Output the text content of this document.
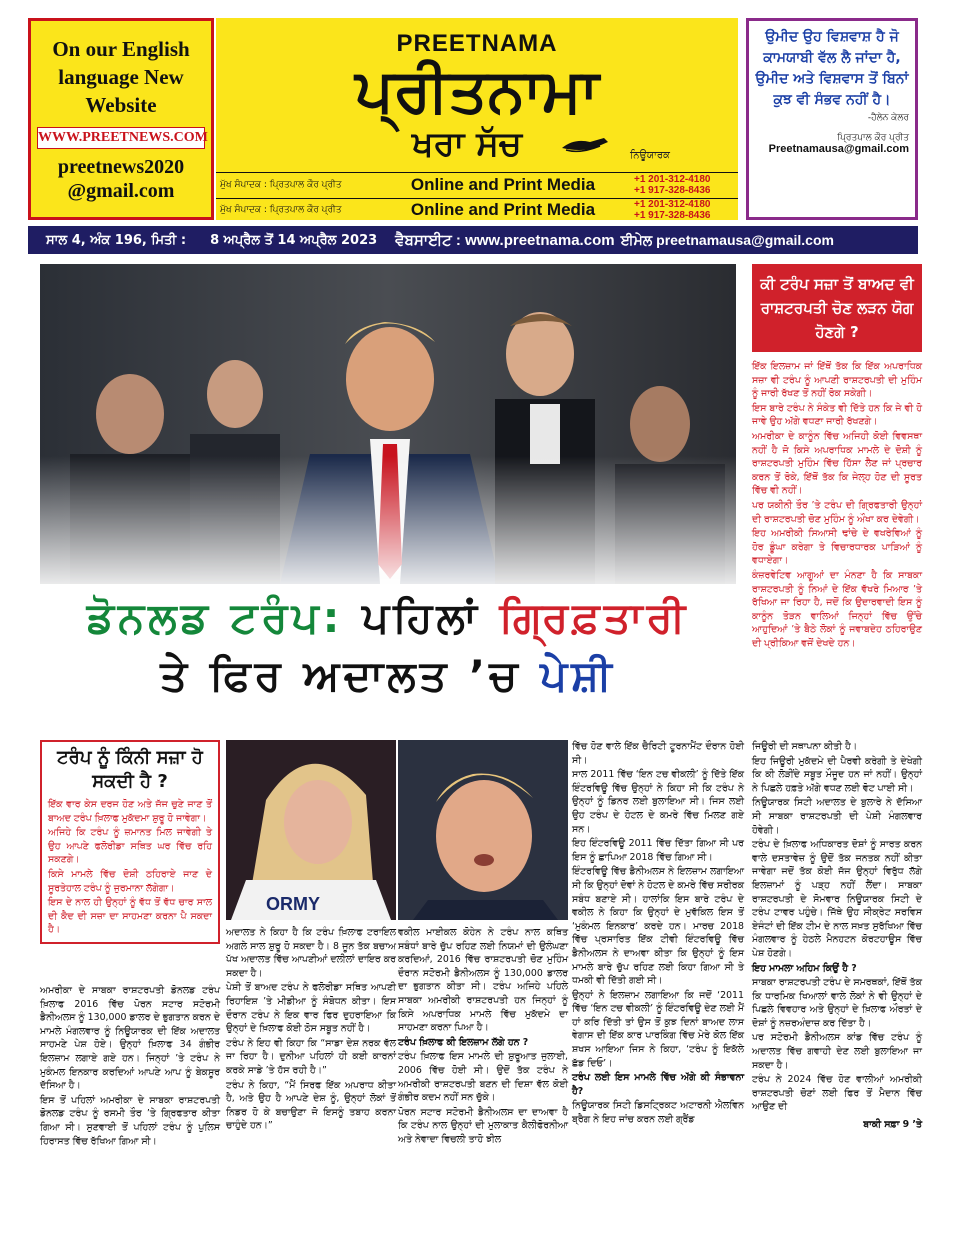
On our English
language New
Website
WWW.PREETNEWS.COM
preetnews2020
@gmail.com
PREETNAMA
ਪ੍ਰੀਤਨਾਮਾ
ਖਰਾ ਸੱਚ	ਨਿਊਯਾਰਕ
ਮੁੱਖ ਸੰਪਾਦਕ : ਪ੍ਰਿਤਪਾਲ ਕੌਰ ਪ੍ਰੀਤ	Online and Print Media	+1 201-312-4180
+1 917-328-8436
ਮੁੱਖ ਸੰਪਾਦਕ : ਪ੍ਰਿਤਪਾਲ ਕੌਰ ਪ੍ਰੀਤ	Online and Print Media	+1 201-312-4180
+1 917-328-8436
ਉਮੀਦ ਉਹ ਵਿਸ਼ਵਾਸ਼ ਹੈ ਜੋ ਕਾਮਯਾਬੀ ਵੱਲ ਲੈ ਜਾਂਦਾ ਹੈ, ਉਮੀਦ ਅਤੇ ਵਿਸ਼ਵਾਸ ਤੋਂ ਬਿਨਾਂ ਕੁਝ ਵੀ ਸੰਭਵ ਨਹੀਂ ਹੈ।
-ਹੈਲੇਨ ਕੇਲਰ
ਪ੍ਰਿਤਪਾਲ ਕੌਰ ਪ੍ਰੀਤ
Preetnamausa@gmail.com
ਸਾਲ 4, ਅੰਕ 196, ਮਿਤੀ : 8 ਅਪ੍ਰੈਲ ਤੋਂ 14 ਅਪ੍ਰੈਲ 2023 ਵੈਬਸਾਈਟ : www.preetnama.com ਈਮੇਲ preetnamausa@gmail.com
ਡੋਨਲਡ ਟਰੰਪ: ਪਹਿਲਾਂ ਗ੍ਰਿਫ਼ਤਾਰੀ
ਤੇ ਫਿਰ ਅਦਾਲਤ ’ਚ ਪੇਸ਼ੀ
ਕੀ ਟਰੰਪ ਸਜ਼ਾ ਤੋਂ ਬਾਅਦ ਵੀ ਰਾਸ਼ਟਰਪਤੀ ਚੋਣ ਲੜਨ ਯੋਗ ਹੋਣਗੇ ?

ਇੱਕ ਇਲਜ਼ਾਮ ਜਾਂ ਇੱਥੋਂ ਤੱਕ ਕਿ ਇੱਕ ਅਪਰਾਧਿਕ ਸਜ਼ਾ ਵੀ ਟਰੰਪ ਨੂੰ ਆਪਣੀ ਰਾਸ਼ਟਰਪਤੀ ਦੀ ਮੁਹਿੰਮ ਨੂੰ ਜਾਰੀ ਰੱਖਣ ਤੋਂ ਨਹੀਂ ਰੋਕ ਸਕੇਗੀ।

ਇਸ ਬਾਰੇ ਟਰੰਪ ਨੇ ਸੰਕੇਤ ਵੀ ਦਿੱਤੇ ਹਨ ਕਿ ਜੇ ਵੀ ਹੋ ਜਾਵੇ ਉਹ ਅੱਗੇ ਵਧਣਾ ਜਾਰੀ ਰੱਖਣਗੇ।

ਅਮਰੀਕਾ ਦੇ ਕਾਨੂੰਨ ਵਿੱਚ ਅਜਿਹੀ ਕੋਈ ਵਿਵਸਥਾ ਨਹੀਂ ਹੈ ਜੋ ਕਿਸੇ ਅਪਰਾਧਿਕ ਮਾਮਲੇ ਦੇ ਦੋਸ਼ੀ ਨੂੰ ਰਾਸ਼ਟਰਪਤੀ ਮੁਹਿੰਮ ਵਿੱਚ ਹਿੱਸਾ ਲੈਣ ਜਾਂ ਪ੍ਰਚਾਰ ਕਰਨ ਤੋਂ ਰੋਕੇ, ਇੱਥੋਂ ਤੱਕ ਕਿ ਜੇਲ੍ਹ ਹੋਣ ਦੀ ਸੂਰਤ ਵਿੱਚ ਵੀ ਨਹੀਂ।

ਪਰ ਯਕੀਨੀ ਤੌਰ ’ਤੇ ਟਰੰਪ ਦੀ ਗ੍ਰਿਫਤਾਰੀ ਉਨ੍ਹਾਂ ਦੀ ਰਾਸ਼ਟਰਪਤੀ ਚੋਣ ਮੁਹਿੰਮ ਨੂੰ ਔਖਾ ਕਰ ਦੇਵੇਗੀ।

ਇਹ ਅਮਰੀਕੀ ਸਿਆਸੀ ਢਾਂਚੇ ਦੇ ਵਖਰੇਵਿਆਂ ਨੂੰ ਹੋਰ ਡੂੰਘਾ ਕਰੇਗਾ ਤੇ ਵਿਚਾਰਧਾਰਕ ਪਾੜਿਆਂ ਨੂੰ ਵਧਾਏਗਾ।

ਕੰਜ਼ਰਵੇਟਿਵ ਆਗੂਆਂ ਦਾ ਮੰਨਣਾ ਹੈ ਕਿ ਸਾਬਕਾ ਰਾਸ਼ਟਰਪਤੀ ਨੂੰ ਨਿਆਂ ਦੇ ਇੱਕ ਵੱਖਰੇ ਮਿਆਰ ’ਤੇ ਰੱਖਿਆ ਜਾ ਰਿਹਾ ਹੈ, ਜਦੋਂ ਕਿ ਉਦਾਰਵਾਦੀ ਇਸ ਨੂੰ ਕਾਨੂੰਨ ਤੋੜਨ ਵਾਲਿਆਂ ਜਿਨ੍ਹਾਂ ਵਿੱਚ ਉੱਚੇ ਆਹੁਦਿਆਂ ’ਤੇ ਬੈਠੇ ਲੋਕਾਂ ਨੂੰ ਜਵਾਬਦੇਹ ਠਹਿਰਾਉਣ ਦੀ ਪ੍ਰੀਕਿਆ ਵਜੋਂ ਦੇਖਦੇ ਹਨ।

ਟਰੰਪ ਨੂੰ ਕਿੰਨੀ ਸਜ਼ਾ ਹੋ ਸਕਦੀ ਹੈ ?

ਇੱਕ ਵਾਰ ਕੇਸ ਦਰਜ ਹੋਣ ਅਤੇ ਜੱਜ ਚੁਣੇ ਜਾਣ ਤੋਂ ਬਾਅਦ ਟਰੰਪ ਖ਼ਿਲਾਫ ਮੁਕੱਦਮਾ ਸ਼ੁਰੂ ਹੋ ਜਾਵੇਗਾ।

ਅਜਿਹੇ ਕਿ ਟਰੰਪ ਨੂੰ ਜ਼ਮਾਨਤ ਮਿਲ ਜਾਵੇਗੀ ਤੇ ਉਹ ਆਪਣੇ ਫਲੋਰੀਡਾ ਸਥਿਤ ਘਰ ਵਿੱਚ ਰਹਿ ਸਕਣਗੇ।

ਕਿਸੇ ਮਾਮਲੇ ਵਿੱਚ ਦੋਸ਼ੀ ਠਹਿਰਾਏ ਜਾਣ ਦੇ ਸੂਰਤੇਹਾਲ ਟਰੰਪ ਨੂੰ ਜੁਰਮਾਨਾ ਲੱਗੇਗਾ।

ਇਸ ਦੇ ਨਾਲ ਹੀ ਉਨ੍ਹਾਂ ਨੂੰ ਵੱਧ ਤੋਂ ਵੱਧ ਚਾਰ ਸਾਲ ਦੀ ਕੈਦ ਦੀ ਸਜ਼ਾ ਦਾ ਸਾਹਮਣਾ ਕਰਨਾ ਪੈ ਸਕਦਾ ਹੈ।

ਅਮਰੀਕਾ ਦੇ ਸਾਬਕਾ ਰਾਸ਼ਟਰਪਤੀ ਡੋਨਲਡ ਟਰੰਪ ਖ਼ਿਲਾਫ 2016 ਵਿੱਚ ਪੋਰਨ ਸਟਾਰ ਸਟੋਰਮੀ ਡੈਨੀਅਲਸ ਨੂੰ 130,000 ਡਾਲਰ ਦੇ ਭੁਗਤਾਨ ਕਰਨ ਦੇ ਮਾਮਲੇ ਮੰਗਲਵਾਰ ਨੂੰ ਨਿਊਯਾਰਕ ਦੀ ਇੱਕ ਅਦਾਲਤ ਸਾਹਮਣੇ ਪੇਸ਼ ਹੋਏ। ਉਨ੍ਹਾਂ ਖ਼ਿਲਾਫ 34 ਗੰਭੀਰ ਇਲਜ਼ਾਮ ਲਗਾਏ ਗਏ ਹਨ। ਜਿਨ੍ਹਾਂ ’ਤੇ ਟਰੰਪ ਨੇ ਮੁਕੰਮਲ ਇਨਕਾਰ ਕਰਦਿਆਂ ਆਪਣੇ ਆਪ ਨੂੰ ਬੇਕਸੂਰ ਦੱਸਿਆ ਹੈ।

ਇਸ ਤੋਂ ਪਹਿਲਾਂ ਅਮਰੀਕਾ ਦੇ ਸਾਬਕਾ ਰਾਸ਼ਟਰਪਤੀ ਡੋਨਲਡ ਟਰੰਪ ਨੂੰ ਰਸਮੀ ਤੌਰ ’ਤੇ ਗ੍ਰਿਫਤਾਰ ਕੀਤਾ ਗਿਆ ਸੀ। ਸੁਣਵਾਈ ਤੋਂ ਪਹਿਲਾਂ ਟਰੰਪ ਨੂੰ ਪੁਲਿਸ ਹਿਰਾਸਤ ਵਿੱਚ ਰੱਖਿਆ ਗਿਆ ਸੀ।

ORMY

ਅਦਾਲਤ ਨੇ ਕਿਹਾ ਹੈ ਕਿ ਟਰੰਪ ਖ਼ਿਲਾਫ ਟਰਾਇਲ ਅਗਲੇ ਸਾਲ ਸ਼ੁਰੂ ਹੋ ਸਕਦਾ ਹੈ। 8 ਜੂਨ ਤੱਕ ਬਚਾਅ ਪੱਖ ਅਦਾਲਤ ਵਿੱਚ ਆਪਣੀਆਂ ਦਲੀਲਾਂ ਦਾਇਰ ਕਰ ਸਕਦਾ ਹੈ।

ਪੇਸ਼ੀ ਤੋਂ ਬਾਅਦ ਟਰੰਪ ਨੇ ਫਲੋਰੀਡਾ ਸਥਿਤ ਆਪਣੀ ਰਿਹਾਇਸ਼ ’ਤੇ ਮੀਡੀਆ ਨੂੰ ਸੰਬੋਧਨ ਕੀਤਾ। ਇਸ ਦੌਰਾਨ ਟਰੰਪ ਨੇ ਇਕ ਵਾਰ ਫਿਰ ਦੁਹਰਾਇਆ ਕਿ ਉਨ੍ਹਾਂ ਦੇ ਖ਼ਿਲਾਫ ਕੋਈ ਠੋਸ ਸਬੂਤ ਨਹੀਂ ਹੈ।

ਟਰੰਪ ਨੇ ਇਹ ਵੀ ਕਿਹਾ ਕਿ “ਸਾਡਾ ਦੇਸ਼ ਨਰਕ ਵੱਲ ਜਾ ਰਿਹਾ ਹੈ। ਦੁਨੀਆ ਪਹਿਲਾਂ ਹੀ ਕਈ ਕਾਰਨਾਂ ਕਰਕੇ ਸਾਡੇ ’ਤੇ ਹੱਸ ਰਹੀ ਹੈ।”

ਟਰੰਪ ਨੇ ਕਿਹਾ, “ਮੈਂ ਸਿਰਫ ਇੱਕ ਅਪਰਾਧ ਕੀਤਾ ਹੈ, ਅਤੇ ਉਹ ਹੈ ਆਪਣੇ ਦੇਸ਼ ਨੂੰ, ਉਨ੍ਹਾਂ ਲੋਕਾਂ ਤੋਂ ਨਿਡਰ ਹੋ ਕੇ ਬਚਾਉਣਾ ਜੋ ਇਸਨੂੰ ਤਬਾਹ ਕਰਨਾ ਚਾਹੁੰਦੇ ਹਨ।”

ਵਕੀਲ ਮਾਈਕਲ ਕੋਹੇਨ ਨੇ ਟਰੰਪ ਨਾਲ ਕਥਿਤ ਸਬੰਧਾਂ ਬਾਰੇ ਚੁੱਪ ਰਹਿਣ ਲਈ ਨਿਯਮਾਂ ਦੀ ਉਲੰਘਣਾ ਕਰਦਿਆਂ, 2016 ਵਿੱਚ ਰਾਸ਼ਟਰਪਤੀ ਚੋਣ ਮੁਹਿੰਮ ਦੌਰਾਨ ਸਟੋਰਮੀ ਡੈਨੀਅਲਸ ਨੂੰ 130,000 ਡਾਲਰ ਦਾ ਭੁਗਤਾਨ ਕੀਤਾ ਸੀ। ਟਰੰਪ ਅਜਿਹੇ ਪਹਿਲੇ ਸਾਬਕਾ ਅਮਰੀਕੀ ਰਾਸ਼ਟਰਪਤੀ ਹਨ ਜਿਨ੍ਹਾਂ ਨੂੰ ਕਿਸੇ ਅਪਰਾਧਿਕ ਮਾਮਲੇ ਵਿੱਚ ਮੁਕੱਦਮੇ ਦਾ ਸਾਹਮਣਾ ਕਰਨਾ ਪਿਆ ਹੈ।

ਟਰੰਪ ਖ਼ਿਲਾਫ ਕੀ ਇਲਜ਼ਾਮ ਲੱਗੇ ਹਨ ?

ਟਰੰਪ ਖ਼ਿਲਾਫ ਇਸ ਮਾਮਲੇ ਦੀ ਸ਼ੁਰੂਆਤ ਜੁਲਾਈ, 2006 ਵਿੱਚ ਹੋਈ ਸੀ। ਉਦੋਂ ਤੱਕ ਟਰੰਪ ਨੇ ਅਮਰੀਕੀ ਰਾਸ਼ਟਰਪਤੀ ਬਣਨ ਦੀ ਦਿਸ਼ਾ ਵੱਲ ਕੋਈ ਗੰਭੀਰ ਕਦਮ ਨਹੀਂ ਸਨ ਚੁੱਕੇ।

ਪੋਰਨ ਸਟਾਰ ਸਟੋਰਮੀ ਡੈਨੀਅਲਸ ਦਾ ਦਾਅਵਾ ਹੈ ਕਿ ਟਰੰਪ ਨਾਲ ਉਨ੍ਹਾਂ ਦੀ ਮੁਲਾਕਾਤ ਕੈਲੀਫੋਰਨੀਆ ਅਤੇ ਨੇਵਾਦਾ ਵਿਚਲੀ ਤਾਹੋ ਝੀਲ

ਵਿੱਚ ਹੋਣ ਵਾਲੇ ਇੱਕ ਚੈਰਿਟੀ ਟੂਰਨਾਮੈਂਟ ਦੌਰਾਨ ਹੋਈ ਸੀ।

ਸਾਲ 2011 ਵਿੱਚ ‘ਇਨ ਟਚ ਵੀਕਲੀ’ ਨੂੰ ਦਿੱਤੇ ਇੱਕ ਇੰਟਰਵਿਊ ਵਿੱਚ ਉਨ੍ਹਾਂ ਨੇ ਕਿਹਾ ਸੀ ਕਿ ਟਰੰਪ ਨੇ ਉਨ੍ਹਾਂ ਨੂੰ ਡਿਨਰ ਲਈ ਬੁਲਾਇਆ ਸੀ। ਜਿਸ ਲਈ ਉਹ ਟਰੰਪ ਦੇ ਹੋਟਲ ਦੇ ਕਮਰੇ ਵਿੱਚ ਮਿਲਣ ਗਏ ਸਨ।

ਇਹ ਇੰਟਰਵਿਊ 2011 ਵਿੱਚ ਦਿੱਤਾ ਗਿਆ ਸੀ ਪਰ ਇਸ ਨੂੰ ਛਾਪਿਆ 2018 ਵਿੱਚ ਗਿਆ ਸੀ।

ਇੰਟਰਵਿਊ ਵਿੱਚ ਡੈਨੀਅਲਸ ਨੇ ਇਲਜ਼ਾਮ ਲਗਾਇਆ ਸੀ ਕਿ ਉਨ੍ਹਾਂ ਦੋਵਾਂ ਨੇ ਹੋਟਲ ਦੇ ਕਮਰੇ ਵਿੱਚ ਸਰੀਰਕ ਸਬੰਧ ਬਣਾਏ ਸੀ। ਹਾਲਾਂਕਿ ਇਸ ਬਾਰੇ ਟਰੰਪ ਦੇ ਵਕੀਲ ਨੇ ਕਿਹਾ ਕਿ ਉਨ੍ਹਾਂ ਦੇ ਮੁਵੱਕਿਲ ਇਸ ਤੋਂ ‘ਮੁਕੰਮਲ ਇਨਕਾਰ’ ਕਰਦੇ ਹਨ। ਮਾਰਚ 2018 ਵਿੱਚ ਪ੍ਰਸਾਰਿਤ ਇੱਕ ਟੀਵੀ ਇੰਟਰਵਿਊ ਵਿੱਚ ਡੈਨੀਅਲਸ ਨੇ ਦਾਅਵਾ ਕੀਤਾ ਕਿ ਉਨ੍ਹਾਂ ਨੂੰ ਇਸ ਮਾਮਲੇ ਬਾਰੇ ਚੁੱਪ ਰਹਿਣ ਲਈ ਕਿਹਾ ਗਿਆ ਸੀ ਤੇ ਧਮਕੀ ਵੀ ਦਿੱਤੀ ਗਈ ਸੀ।

ਉਨ੍ਹਾਂ ਨੇ ਇਲਜ਼ਾਮ ਲਗਾਇਆ ਕਿ ਜਦੋਂ ‘2011 ਵਿੱਚ ‘ਇਨ ਟਚ ਵੀਕਲੀ’ ਨੂੰ ਇੰਟਰਵਿਊ ਦੇਣ ਲਈ ਮੈਂ ਹਾਂ ਕਰਿ ਦਿੱਤੀ ਤਾਂ ਉਸ ਤੋਂ ਕੁਝ ਦਿਨਾਂ ਬਾਅਦ ਲਾਸ ਵੇਗਾਸ ਦੀ ਇੱਕ ਕਾਰ ਪਾਰਕਿੰਗ ਵਿੱਚ ਮੇਰੇ ਕੋਲ ਇੱਕ ਸ਼ਖਸ ਆਇਆ ਜਿਸ ਨੇ ਕਿਹਾ, ‘ਟਰੰਪ ਨੂੰ ਇਕੱਲੇ ਛੱਡ ਦਿਓ’।

ਟਰੰਪ ਲਈ ਇਸ ਮਾਮਲੇ ਵਿੱਚ ਅੱਗੇ ਕੀ ਸੰਭਾਵਨਾ ਹੈ?

ਨਿਊਯਾਰਕ ਸਿਟੀ ਡਿਸਟ੍ਰਿਕਟ ਅਟਾਰਨੀ ਐਲਵਿਨ ਬ੍ਰੈਗ ਨੇ ਇਹ ਜਾਂਚ ਕਰਨ ਲਈ ਗ੍ਰੈਂਡ

ਜਿਊਰੀ ਦੀ ਸਥਾਪਨਾ ਕੀਤੀ ਹੈ।

ਇਹ ਜਿਊਰੀ ਮੁਕੱਦਮੇ ਦੀ ਪੈਰਵੀ ਕਰੇਗੀ ਤੇ ਦੇਖੇਗੀ ਕਿ ਕੀ ਲੋੜੀਂਦੇ ਸਬੂਤ ਮੌਜੂਦ ਹਨ ਜਾਂ ਨਹੀਂ। ਉਨ੍ਹਾਂ ਨੇ ਪਿਛਲੇ ਹਫ਼ਤੇ ਅੱਗੇ ਵਧਣ ਲਈ ਵੋਟ ਪਾਈ ਸੀ।

ਨਿਊਯਾਰਕ ਸਿਟੀ ਅਦਾਲਤ ਦੇ ਬੁਲਾਰੇ ਨੇ ਦੱਸਿਆ ਸੀ ਸਾਬਕਾ ਰਾਸ਼ਟਰਪਤੀ ਦੀ ਪੇਸ਼ੀ ਮੰਗਲਵਾਰ ਹੋਵੇਗੀ।

ਟਰੰਪ ਦੇ ਖ਼ਿਲਾਫ ਅਧਿਕਾਰਤ ਦੋਸ਼ਾਂ ਨੂੰ ਸਾਰਤ ਕਰਨ ਵਾਲੇ ਦਸਤਾਵੇਜ਼ ਨੂੰ ਉਦੋਂ ਤੱਕ ਜਨਤਕ ਨਹੀਂ ਕੀਤਾ ਜਾਵੇਗਾ ਜਦੋਂ ਤੱਕ ਕੋਈ ਜੱਜ ਉਨ੍ਹਾਂ ਵਿਰੁੱਧ ਲੱਗੇ ਇਲਜ਼ਾਮਾਂ ਨੂੰ ਪੜ੍ਹ ਨਹੀਂ ਲੈਂਦਾ। ਸਾਬਕਾ ਰਾਸ਼ਟਰਪਤੀ ਦੇ ਸੋਮਵਾਰ ਨਿਊਯਾਰਕ ਸਿਟੀ ਦੇ ਟਰੰਪ ਟਾਵਰ ਪਹੁੰਚੇ। ਜਿੱਥੇ ਉਹ ਸੀਕ੍ਰੇਟ ਸਰਵਿਸ ਏਜੰਟਾਂ ਦੀ ਇੱਕ ਟੀਮ ਦੇ ਨਾਲ ਸਖ਼ਤ ਸੁਰੱਖਿਆ ਵਿੱਚ ਮੰਗਲਵਾਰ ਨੂੰ ਹੇਠਲੇ ਮੈਨਹਟਨ ਕੋਰਟਹਾਊਸ ਵਿੱਚ ਪੇਸ਼ ਹੋਣਗੇ।

ਇਹ ਮਾਮਲਾ ਅਹਿਮ ਕਿਉਂ ਹੈ ?

ਸਾਬਕਾ ਰਾਸ਼ਟਰਪਤੀ ਟਰੰਪ ਦੇ ਸਮਰਥਕਾਂ, ਇੱਥੋਂ ਤੱਕ ਕਿ ਧਾਰਮਿਕ ਖਿਆਲਾਂ ਵਾਲੇ ਲੋਕਾਂ ਨੇ ਵੀ ਉਨ੍ਹਾਂ ਦੇ ਪਿਛਲੇ ਵਿਵਹਾਰ ਅਤੇ ਉਨ੍ਹਾਂ ਦੇ ਖ਼ਿਲਾਫ ਔਰਤਾਂ ਦੇ ਦੋਸ਼ਾਂ ਨੂੰ ਨਜ਼ਰਅੰਦਾਜ਼ ਕਰ ਦਿੱਤਾ ਹੈ।

ਪਰ ਸਟੋਰਮੀ ਡੈਨੀਅਲਸ ਕਾਂਡ ਵਿੱਚ ਟਰੰਪ ਨੂੰ ਅਦਾਲਤ ਵਿੱਚ ਗਵਾਹੀ ਦੇਣ ਲਈ ਬੁਲਾਇਆ ਜਾ ਸਕਦਾ ਹੈ।

ਟਰੰਪ ਨੇ 2024 ਵਿੱਚ ਹੋਣ ਵਾਲੀਆਂ ਅਮਰੀਕੀ ਰਾਸ਼ਟਰਪਤੀ ਚੋਣਾਂ ਲਈ ਫਿਰ ਤੋਂ ਮੈਦਾਨ ਵਿੱਚ ਆਉਣ ਦੀ

ਬਾਕੀ ਸਫ਼ਾ 9 ’ਤੇ
